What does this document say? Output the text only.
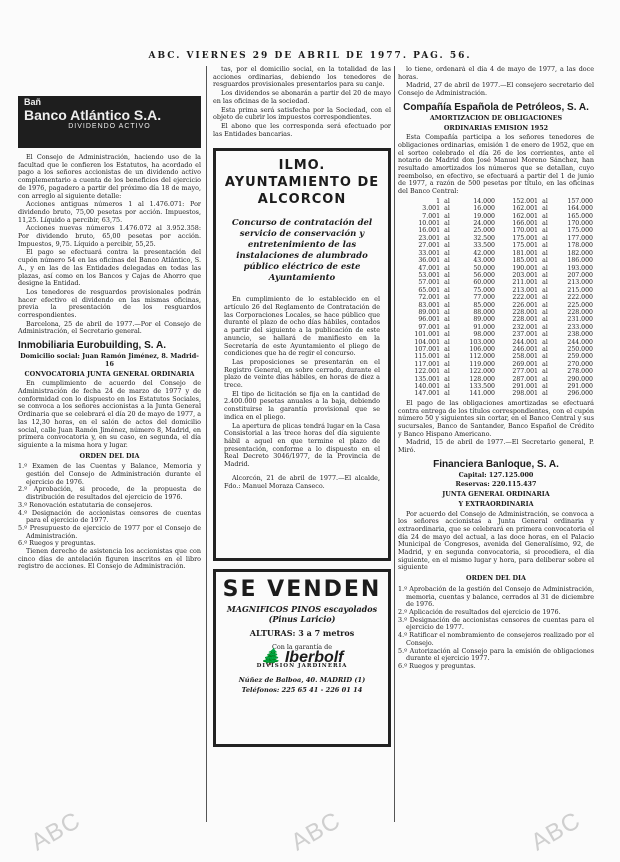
ABC. VIERNES 29 DE ABRIL DE 1977. PAG. 56.
Bañ
Banco Atlántico S.A.
DIVIDENDO ACTIVO

El Consejo de Administración, haciendo uso de la facultad que le confieren los Estatutos, ha acordado el pago a los señores accionistas de un dividendo activo complementario a cuenta de los beneficios del ejercicio de 1976, pagadero a partir del próximo día 18 de mayo, con arreglo al siguiente detalle:

Acciones antiguas números 1 al 1.476.071: Por dividendo bruto, 75,00 pesetas por acción. Impuestos, 11,25. Líquido a percibir, 63,75.

Acciones nuevas números 1.476.072 al 3.952.358: Por dividendo bruto, 65,00 pesetas por acción. Impuestos, 9,75. Líquido a percibir, 55,25.

El pago se efectuará contra la presentación del cupón número 54 en las oficinas del Banco Atlántico, S. A., y en las de las Entidades delegadas en todas las plazas, así como en los Bancos y Cajas de Ahorro que designe la Entidad.

Los tenedores de resguardos provisionales podrán hacer efectivo el dividendo en las mismas oficinas, previa la presentación de los resguardos correspondientes.

Barcelona, 25 de abril de 1977.—Por el Consejo de Administración, el Secretario general.

Inmobiliaria Eurobuilding, S. A.
Domicilio social: Juan Ramón Jiménez, 8. Madrid-16
CONVOCATORIA JUNTA GENERAL ORDINARIA

En cumplimiento de acuerdo del Consejo de Administración de fecha 24 de marzo de 1977 y de conformidad con lo dispuesto en los Estatutos Sociales, se convoca a los señores accionistas a la Junta General Ordinaria que se celebrará el día 20 de mayo de 1977, a las 12,30 horas, en el salón de actos del domicilio social, calle Juan Ramón Jiménez, número 8, Madrid, en primera convocatoria y, en su caso, en segunda, el día siguiente a la misma hora y lugar.

ORDEN DEL DIA

1.º Examen de las Cuentas y Balance, Memoria y gestión del Consejo de Administración durante el ejercicio de 1976.

2.º Aprobación, si procede, de la propuesta de distribución de resultados del ejercicio de 1976.

3.º Renovación estatutaria de consejeros.

4.º Designación de accionistas censores de cuentas para el ejercicio de 1977.

5.º Presupuesto de ejercicio de 1977 por el Consejo de Administración.

6.º Ruegos y preguntas.

Tienen derecho de asistencia los accionistas que con cinco días de antelación figuren inscritos en el libro registro de acciones. El Consejo de Administración.

tas, por el domicilio social, en la totalidad de las acciones ordinarias, debiendo los tenedores de resguardos provisionales presentarlos para su canje.

Los dividendos se abonarán a partir del 20 de mayo en las oficinas de la sociedad.

Esta prima será satisfecha por la Sociedad, con el objeto de cubrir los impuestos correspondientes.

El abono que les corresponda será efectuado por las Entidades bancarias.

ILMO. AYUNTAMIENTO DE ALCORCON
Concurso de contratación del servicio de conservación y entretenimiento de las instalaciones de alumbrado público eléctrico de este Ayuntamiento

En cumplimiento de lo establecido en el artículo 26 del Reglamento de Contratación de las Corporaciones Locales, se hace público que durante el plazo de ocho días hábiles, contados a partir del siguiente a la publicación de este anuncio, se hallará de manifiesto en la Secretaría de este Ayuntamiento el pliego de condiciones que ha de regir el concurso.

Las proposiciones se presentarán en el Registro General, en sobre cerrado, durante el plazo de veinte días hábiles, en horas de diez a trece.

El tipo de licitación se fija en la cantidad de 2.400.000 pesetas anuales a la baja, debiendo constituirse la garantía provisional que se indica en el pliego.

La apertura de plicas tendrá lugar en la Casa Consistorial a las trece horas del día siguiente hábil a aquel en que termine el plazo de presentación, conforme a lo dispuesto en el Real Decreto 3046/1977, de la Provincia de Madrid.

Alcorcón, 21 de abril de 1977.—El alcalde, Fdo.: Manuel Moraza Canseco.

SE VENDEN
MAGNIFICOS PINOS escayolados
(Pinus Laricio)
ALTURAS: 3 a 7 metros
Con la garantía de
🌲 Iberbolf
DIVISION JARDINERIA
Núñez de Balboa, 40. MADRID (1)
Teléfonos: 225 65 41 - 226 01 14

lo tiene, ordenará el día 4 de mayo de 1977, a las doce horas.

Madrid, 27 de abril de 1977.—El consejero secretario del Consejo de Administración.

Compañía Española de Petróleos, S. A.
AMORTIZACION DE OBLIGACIONES
ORDINARIAS EMISION 1952

Esta Compañía participa a los señores tenedores de obligaciones ordinarias, emisión 1 de enero de 1952, que en el sorteo celebrado el día 26 de los corrientes, ante el notario de Madrid don José Manuel Moreno Sánchez, han resultado amortizados los números que se detallan, cuyo reembolso, en efectivo, se efectuará a partir del 1 de junio de 1977, a razón de 500 pesetas por título, en las oficinas del Banco Central:

1	al	14.000	152.001	al	157.000
3.001	al	16.000	162.001	al	164.000
7.001	al	19.000	162.001	al	165.000
10.001	al	24.000	166.001	al	170.000
16.001	al	25.000	170.001	al	175.000
23.001	al	32.500	175.001	al	177.000
27.001	al	33.500	175.001	al	178.000
33.001	al	42.000	181.001	al	182.000
36.001	al	43.000	185.001	al	186.000
47.001	al	50.000	190.001	al	193.000
53.001	al	56.000	203.001	al	207.000
57.001	al	60.000	211.001	al	213.000
65.001	al	75.000	213.001	al	215.000
72.001	al	77.000	222.001	al	222.000
83.001	al	85.000	226.001	al	225.000
89.001	al	88.000	228.001	al	228.000
96.001	al	89.000	228.001	al	231.000
97.001	al	91.000	232.001	al	233.000
101.001	al	98.000	237.001	al	238.000
104.001	al	103.000	244.001	al	244.000
107.001	al	106.000	246.001	al	250.000
115.001	al	112.000	258.001	al	259.000
117.001	al	119.000	269.001	al	270.000
122.001	al	122.000	277.001	al	278.000
135.001	al	128.000	287.001	al	290.000
140.001	al	133.500	291.001	al	291.000
147.001	al	141.000	298.001	al	296.000

El pago de las obligaciones amortizadas se efectuará contra entrega de los títulos correspondientes, con el cupón número 50 y siguientes sin cortar, en el Banco Central y sus sucursales, Banco de Santander, Banco Español de Crédito y Banco Hispano Americano.

Madrid, 15 de abril de 1977.—El Secretario general, P. Miró.

Financiera Banloque, S. A.
Capital: 127.125.000
Reservas: 220.115.437
JUNTA GENERAL ORDINARIA
Y EXTRAORDINARIA

Por acuerdo del Consejo de Administración, se convoca a los señores accionistas a Junta General ordinaria y extraordinaria, que se celebrará en primera convocatoria el día 24 de mayo del actual, a las doce horas, en el Palacio Municipal de Congresos, avenida del Generalísimo, 92, de Madrid, y en segunda convocatoria, si procediera, el día siguiente, en el mismo lugar y hora, para deliberar sobre el siguiente

ORDEN DEL DIA

1.º Aprobación de la gestión del Consejo de Administración, memoria, cuentas y balance, cerrados al 31 de diciembre de 1976.

2.º Aplicación de resultados del ejercicio de 1976.

3.º Designación de accionistas censores de cuentas para el ejercicio de 1977.

4.º Ratificar el nombramiento de consejeros realizado por el Consejo.

5.º Autorización al Consejo para la emisión de obligaciones durante el ejercicio 1977.

6.º Ruegos y preguntas.

ABC	ABC	ABC
